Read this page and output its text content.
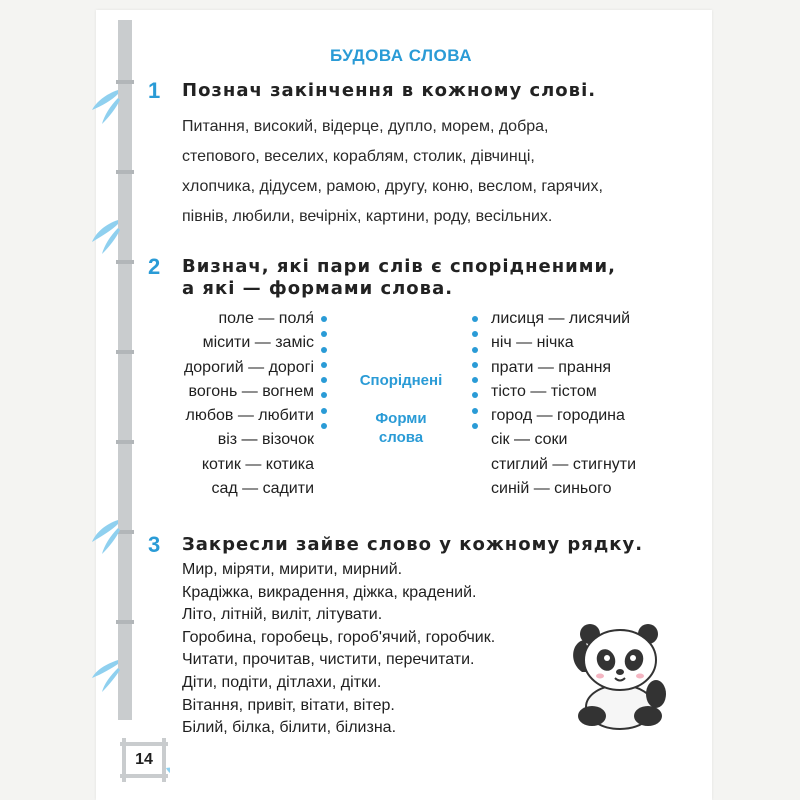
БУДОВА СЛОВА
1 Познач закінчення в кожному слові.
Питання, високий, відерце, дупло, морем, добра,
степового, веселих, кораблям, столик, дівчинці,
хлопчика, дідусем, рамою, другу, коню, веслом, гарячих,
півнів, любили, вечірніх, картини, роду, весільних.
2 Визнач, які пари слів є спорідненими,
а які — формами слова.
поле — поля́
місити — заміс
дорогий — дорогі
вогонь — вогнем
любов — любити
віз — візочок
котик — котика
сад — садити
Споріднені
Форми
слова
лисиця — лисячий
ніч — нічка
прати — прання
тісто — тістом
город — городина
сік — соки
стиглий — стигнути
синій — синього
3 Закресли зайве слово у кожному рядку.
Мир, міряти, мирити, мирний.
Крадіжка, викрадення, діжка, крадений.
Літо, літній, виліт, літувати.
Горобина, горобець, гороб'ячий, горобчик.
Читати, прочитав, чистити, перечитати.
Діти, подіти, дітлахи, дітки.
Вітання, привіт, вітати, вітер.
Білий, білка, білити, білизна.
14
